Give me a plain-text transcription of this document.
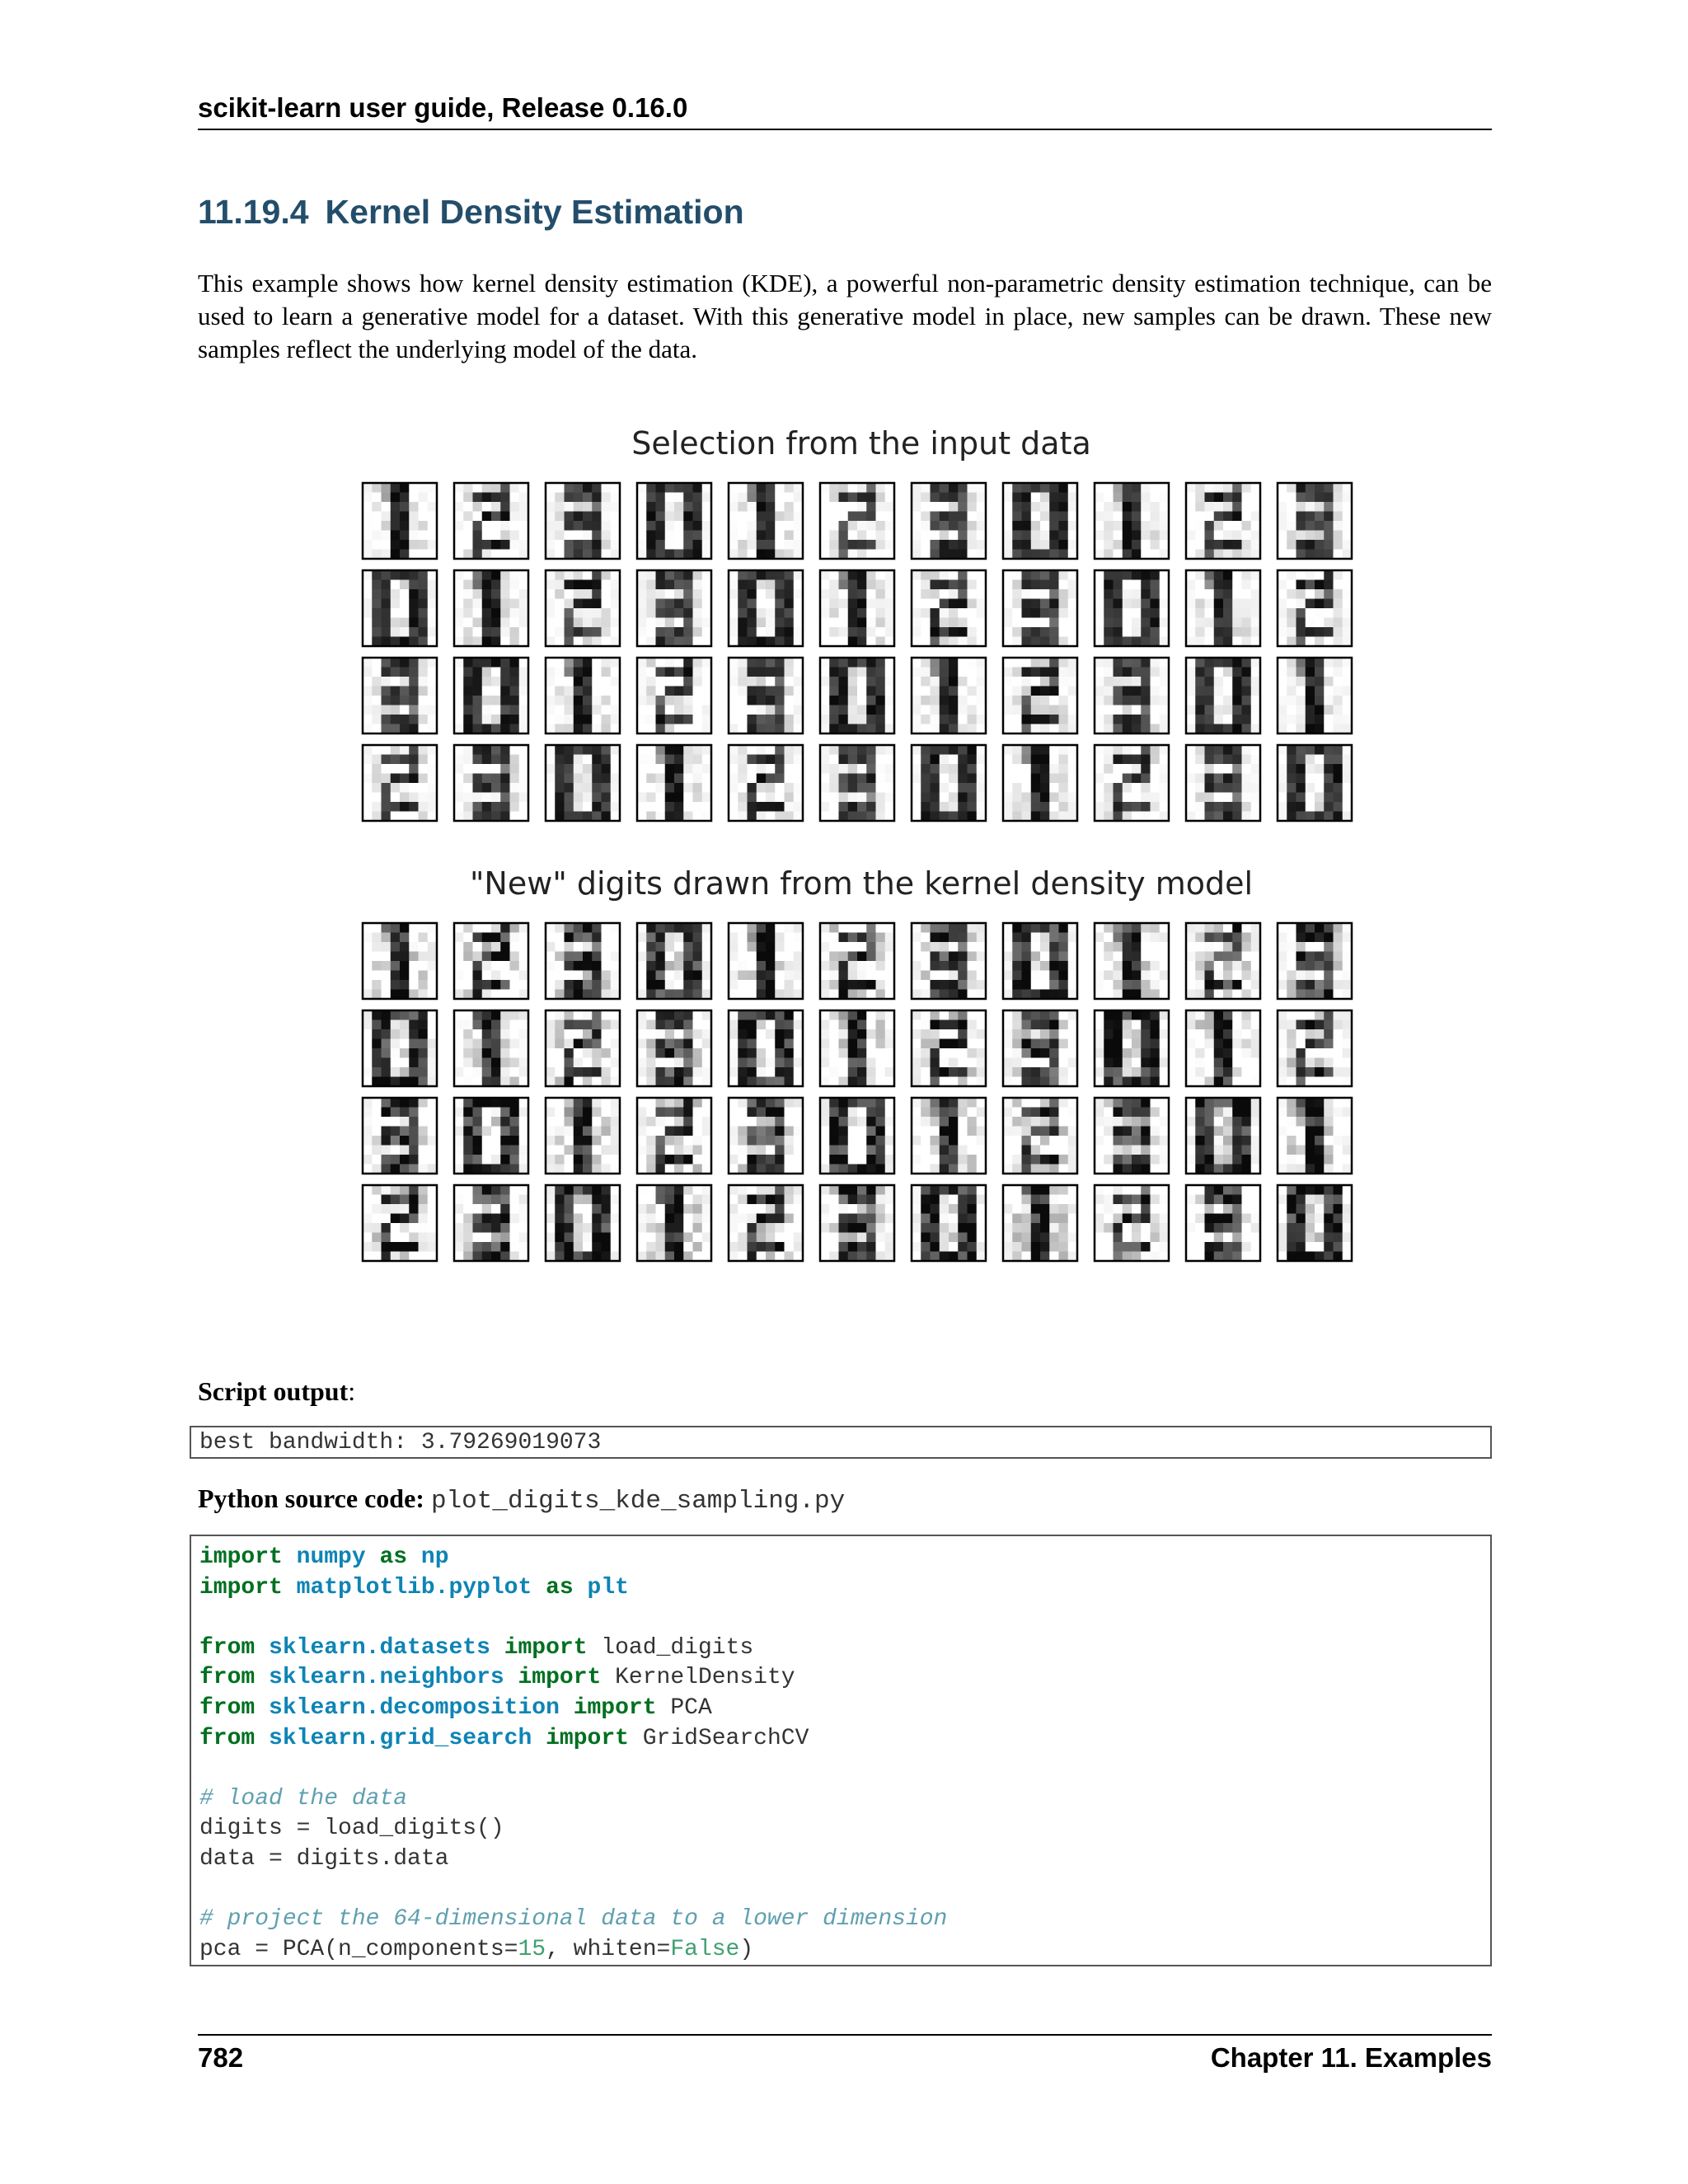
scikit-learn user guide, Release 0.16.0
11.19.4 Kernel Density Estimation
This example shows how kernel density estimation (KDE), a powerful non-parametric density estimation technique, can be used to learn a generative model for a dataset. With this generative model in place, new samples can be drawn. These new samples reflect the underlying model of the data.
Selection from the input data
"New" digits drawn from the kernel density model
Script output:
best bandwidth: 3.79269019073
Python source code: plot_digits_kde_sampling.py
import numpy as np
import matplotlib.pyplot as plt

from sklearn.datasets import load_digits
from sklearn.neighbors import KernelDensity
from sklearn.decomposition import PCA
from sklearn.grid_search import GridSearchCV

# load the data
digits = load_digits()
data = digits.data

# project the 64-dimensional data to a lower dimension
pca = PCA(n_components=15, whiten=False)
782	Chapter 11. Examples
